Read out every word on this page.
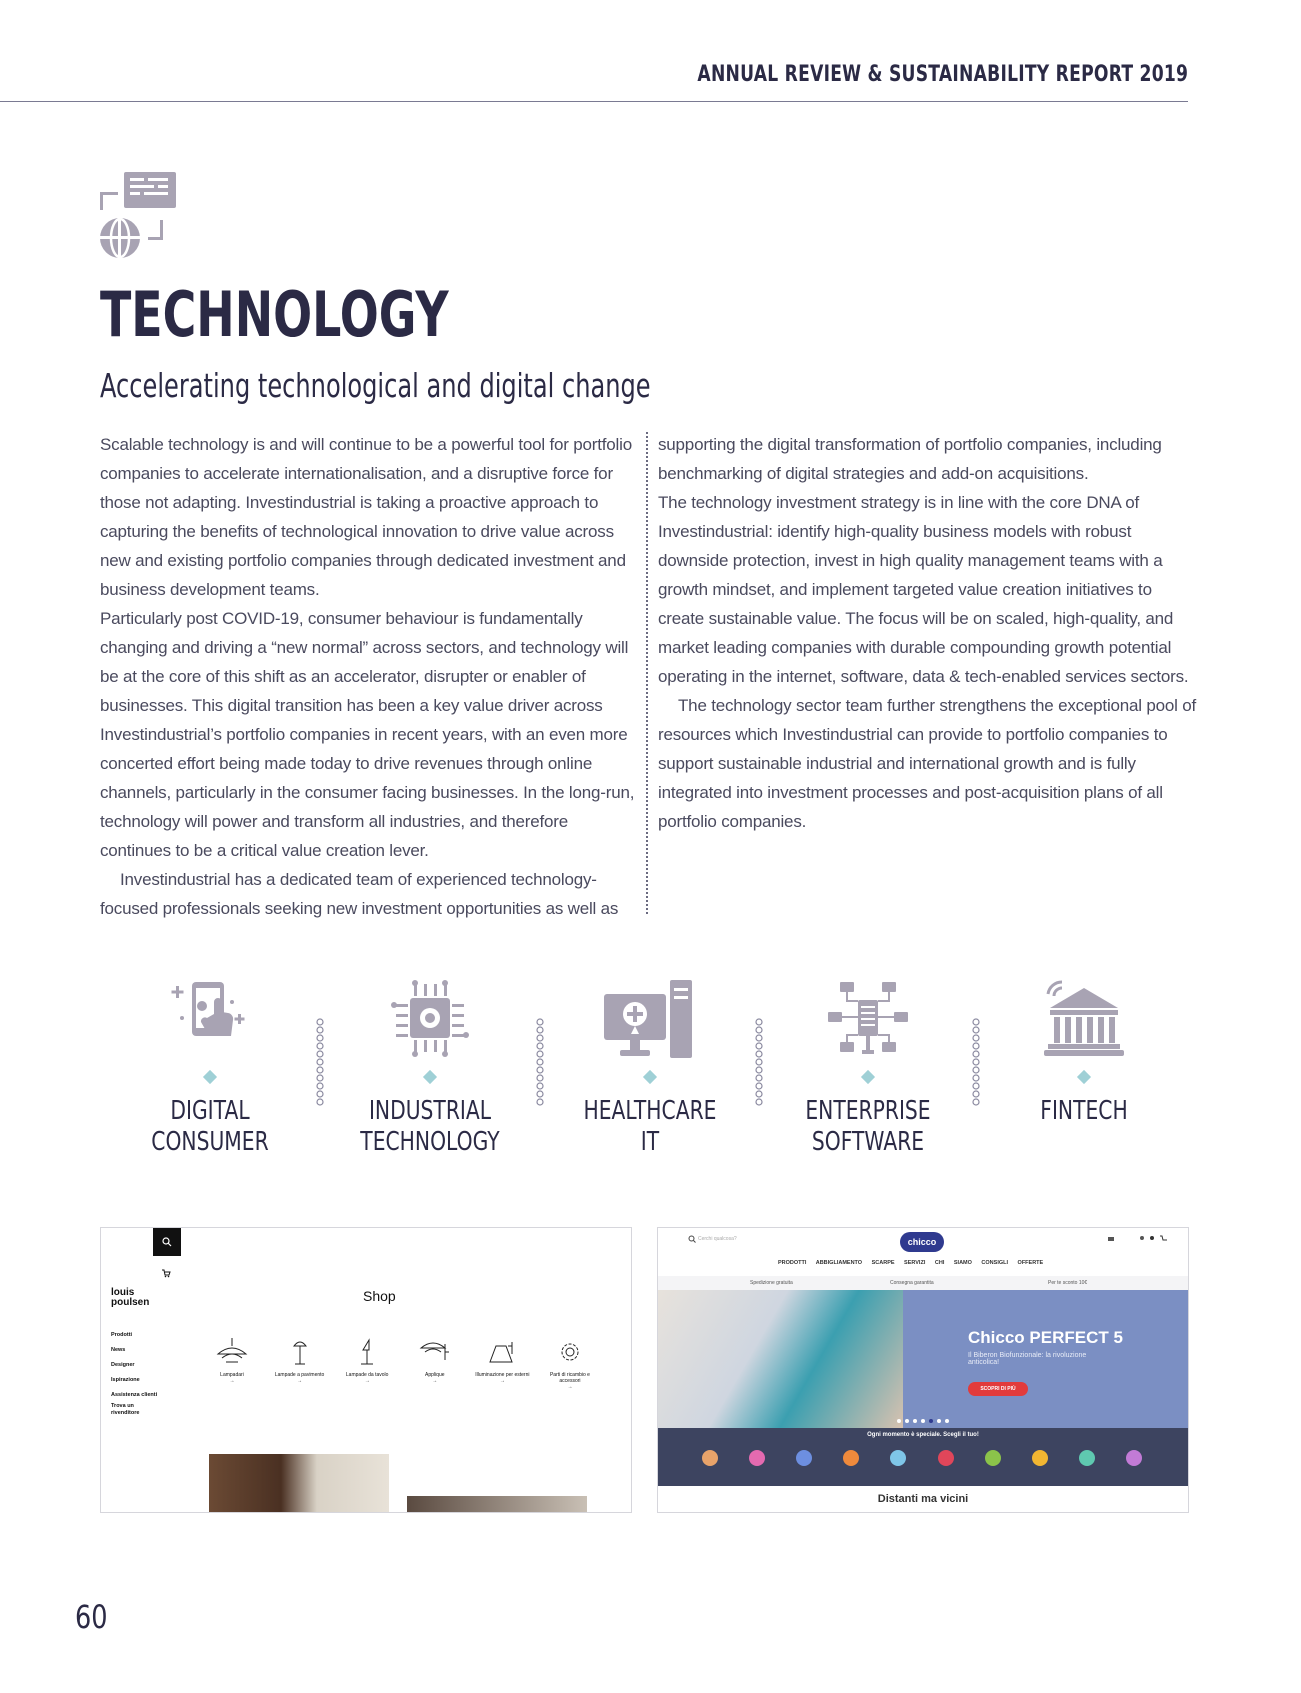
ANNUAL REVIEW & SUSTAINABILITY REPORT 2019
TECHNOLOGY
Accelerating technological and digital change

Scalable technology is and will continue to be a powerful tool for portfolio companies to accelerate internationalisation, and a disruptive force for those not adapting. Investindustrial is taking a proactive approach to capturing the benefits of technological innovation to drive value across new and existing portfolio companies through dedicated investment and business development teams.

Particularly post COVID-19, consumer behaviour is fundamentally changing and driving a “new normal” across sectors, and technology will be at the core of this shift as an accelerator, disrupter or enabler of businesses. This digital transition has been a key value driver across Investindustrial’s portfolio companies in recent years, with an even more concerted effort being made today to drive revenues through online channels, particularly in the consumer facing businesses. In the long-run, technology will power and transform all industries, and therefore continues to be a critical value creation lever.

Investindustrial has a dedicated team of experienced technology-focused professionals seeking new investment opportunities as well as

supporting the digital transformation of portfolio companies, including benchmarking of digital strategies and add-on acquisitions.

The technology investment strategy is in line with the core DNA of Investindustrial: identify high-quality business models with robust downside protection, invest in high quality management teams with a growth mindset, and implement targeted value creation initiatives to create sustainable value. The focus will be on scaled, high-quality, and market leading companies with durable compounding growth potential operating in the internet, software, data & tech-enabled services sectors.

The technology sector team further strengthens the exceptional pool of resources which Investindustrial can provide to portfolio companies to support sustainable industrial and international growth and is fully integrated into investment processes and post-acquisition plans of all portfolio companies.

DIGITAL CONSUMER
INDUSTRIAL
TECHNOLOGY
HEALTHCARE IT
ENTERPRISE
SOFTWARE
FINTECH
louis
poulsen
Prodotti
News
Designer
Ispirazione
Assistenza clienti
Trova un rivenditore
Shop
Lampadari
→
Lampade a pavimento
→
Lampade da tavolo
→
Applique
→
Illuminazione per esterni
→
Parti di ricambio e accessori
→
Cerchi qualcosa?	chicco
PRODOTTI ABBIGLIAMENTO SCARPE SERVIZI CHI SIAMO CONSIGLI OFFERTE
Spedizione gratuita	Consegna garantita	Per te sconto 10€
Chicco PERFECT 5
Il Biberon Biofunzionale: la rivoluzione anticolica!
SCOPRI DI PIÙ
Ogni momento è speciale. Scegli il tuo!
Distanti ma vicini
60
